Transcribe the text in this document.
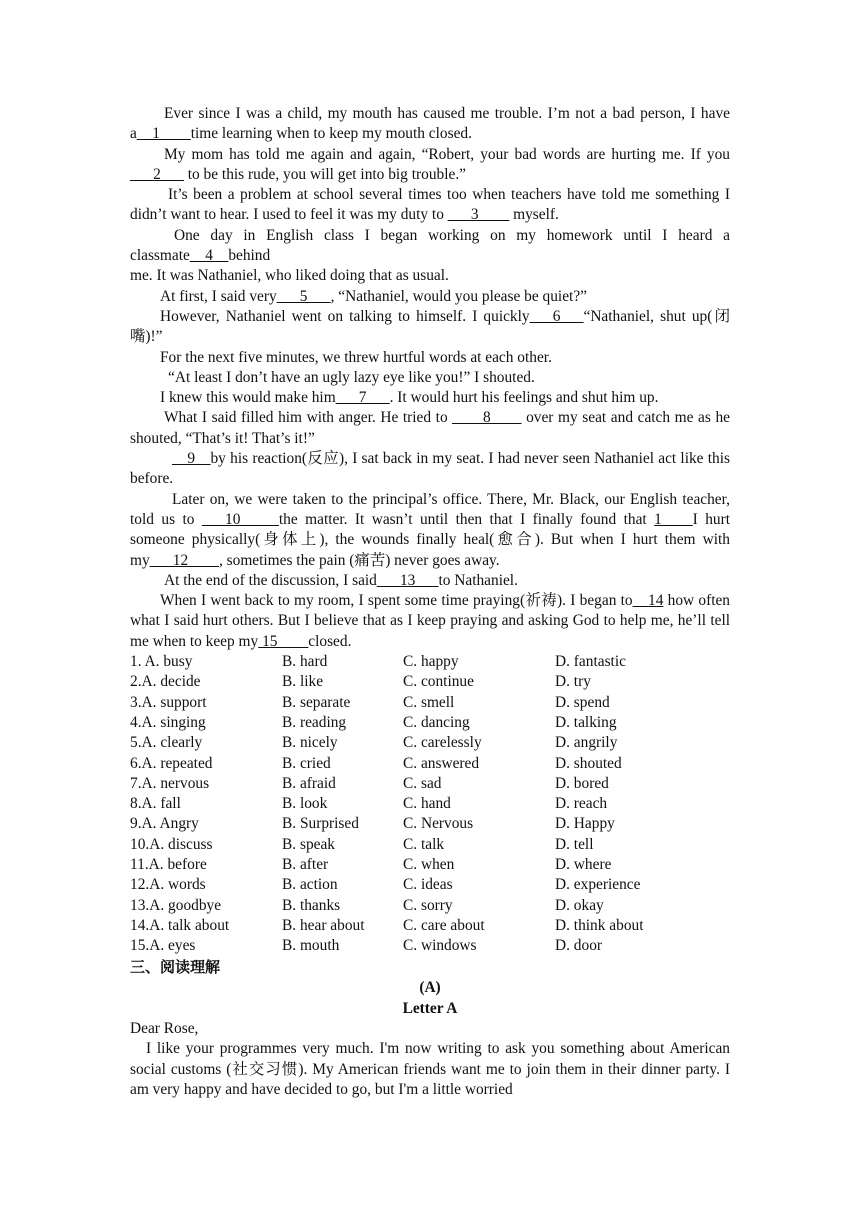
Ever since I was a child, my mouth has caused me trouble. I’m not a bad person, I have a__1____time learning when to keep my mouth closed.

My mom has told me again and again, “Robert, your bad words are hurting me. If you ___2___ to be this rude, you will get into big trouble.”

It’s been a problem at school several times too when teachers have told me something I didn’t want to hear. I used to feel it was my duty to ___3____ myself.

One day in English class I began working on my homework until I heard a classmate__4__behind

me. It was Nathaniel, who liked doing that as usual.

At first, I said very___5___, “Nathaniel, would you please be quiet?”

However, Nathaniel went on talking to himself. I quickly___6___“Nathaniel, shut up(闭嘴)!”

For the next five minutes, we threw hurtful words at each other.

“At least I don’t have an ugly lazy eye like you!” I shouted.

I knew this would make him___7___. It would hurt his feelings and shut him up.

What I said filled him with anger. He tried to ____8____ over my seat and catch me as he shouted, “That’s it! That’s it!”

__9__by his reaction(反应), I sat back in my seat. I had never seen Nathaniel act like this before.

Later on, we were taken to the principal’s office. There, Mr. Black, our English teacher, told us to ___10_____the matter. It wasn’t until then that I finally found that 1____I hurt someone physically(身体上), the wounds finally heal(愈合). But when I hurt them with my___12____, sometimes the pain (痛苦) never goes away.

At the end of the discussion, I said___13___to Nathaniel.

When I went back to my room, I spent some time praying(祈祷). I began to__14 how often what I said hurt others. But I believe that as I keep praying and asking God to help me, he’ll tell me when to keep my 15____closed.

1. A. busy	B. hard	C. happy	D. fantastic
2.A. decide	B. like	C. continue	D. try
3.A. support	B. separate	C. smell	D. spend
4.A. singing	B. reading	C. dancing	D. talking
5.A. clearly	B. nicely	C. carelessly	D. angrily
6.A. repeated	B. cried	C. answered	D. shouted
7.A. nervous	B. afraid	C. sad	D. bored
8.A. fall	B. look	C. hand	D. reach
9.A. Angry	B. Surprised	C. Nervous	D. Happy
10.A. discuss	B. speak	C. talk	D. tell
11.A. before	B. after	C. when	D. where
12.A. words	B. action	C. ideas	D. experience
13.A. goodbye	B. thanks	C. sorry	D. okay
14.A. talk about	B. hear about	C. care about	D. think about
15.A. eyes	B. mouth	C. windows	D. door

三、阅读理解

(A)

Letter A

Dear Rose,

I like your programmes very much. I'm now writing to ask you something about American social customs (社交习惯). My American friends want me to join them in their dinner party. I am very happy and have decided to go, but I'm a little worried
